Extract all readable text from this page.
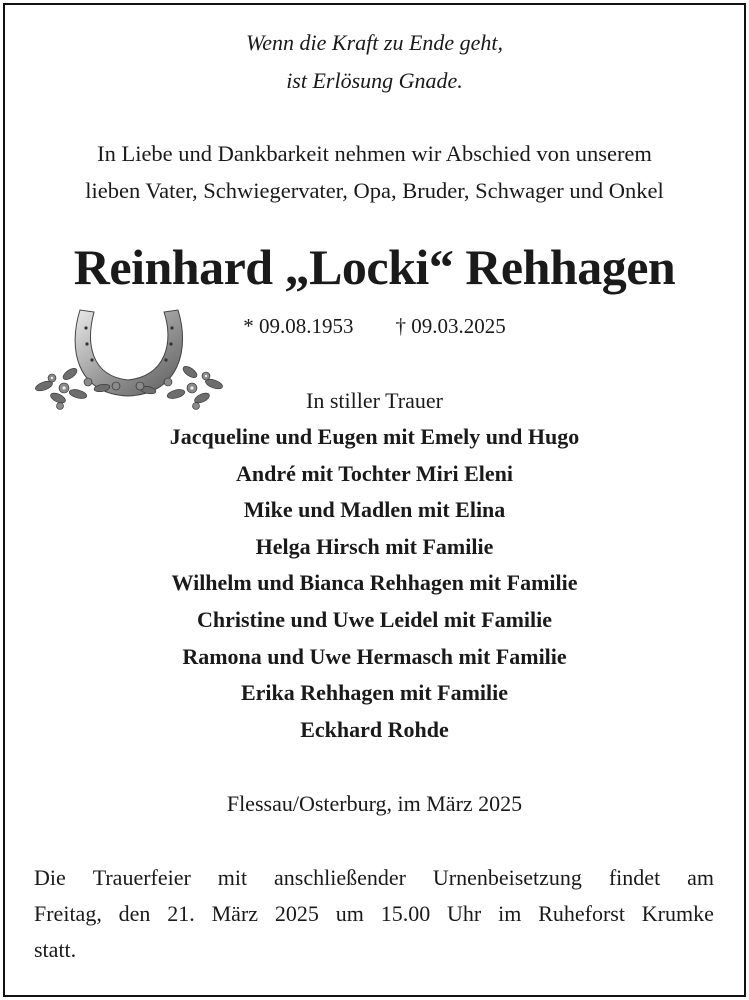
Wenn die Kraft zu Ende geht,
ist Erlösung Gnade.
In Liebe und Dankbarkeit nehmen wir Abschied von unserem
lieben Vater, Schwiegervater, Opa, Bruder, Schwager und Onkel
Reinhard „Locki“ Rehhagen
* 09.08.1953 † 09.03.2025
In stiller Trauer
Jacqueline und Eugen mit Emely und Hugo
André mit Tochter Miri Eleni
Mike und Madlen mit Elina
Helga Hirsch mit Familie
Wilhelm und Bianca Rehhagen mit Familie
Christine und Uwe Leidel mit Familie
Ramona und Uwe Hermasch mit Familie
Erika Rehhagen mit Familie
Eckhard Rohde
Flessau/Osterburg, im März 2025
Die Trauerfeier mit anschließender Urnenbeisetzung findet am
Freitag, den 21. März 2025 um 15.00 Uhr im Ruheforst Krumke
statt.
